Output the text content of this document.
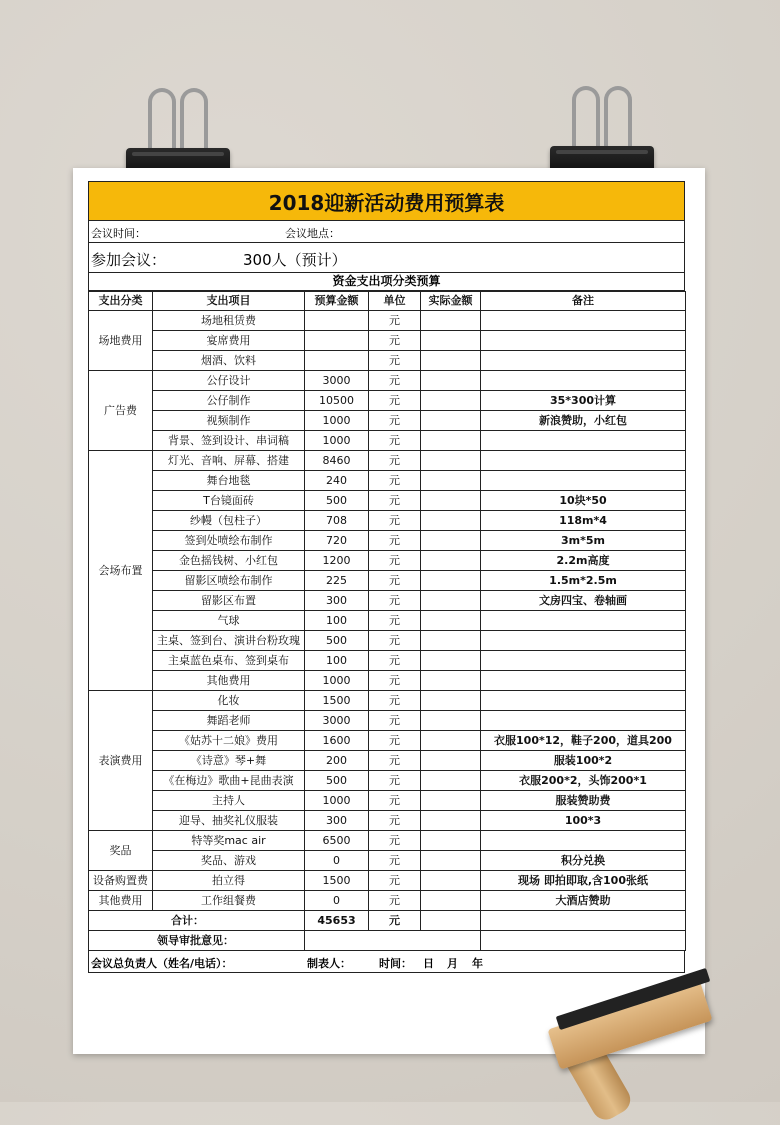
2018迎新活动费用预算表
会议时间：	会议地点：
参加会议：	300人（预计）
资金支出项分类预算
支出分类	支出项目	预算金额	单位	实际金额	备注
场地费用	场地租赁费		元		
	宴席费用		元		
	烟酒、饮料		元		
广告费	公仔设计	3000	元		
	公仔制作	10500	元		35*300计算
	视频制作	1000	元		新浪赞助，小红包
	背景、签到设计、串词稿	1000	元		
会场布置	灯光、音响、屏幕、搭建	8460	元		
	舞台地毯	240	元		
	T台镜面砖	500	元		10块*50
	纱幔（包柱子）	708	元		118m*4
	签到处喷绘布制作	720	元		3m*5m
	金色摇钱树、小红包	1200	元		2.2m高度
	留影区喷绘布制作	225	元		1.5m*2.5m
	留影区布置	300	元		文房四宝、卷轴画
	气球	100	元		
	主桌、签到台、演讲台粉玫瑰	500	元		
	主桌蓝色桌布、签到桌布	100	元		
	其他费用	1000	元		
表演费用	化妆	1500	元		
	舞蹈老师	3000	元		
	《姑苏十二娘》费用	1600	元		衣服100*12，鞋子200，道具200
	《诗意》琴+舞	200	元		服装100*2
	《在梅边》歌曲+昆曲表演	500	元		衣服200*2，头饰200*1
	主持人	1000	元		服装赞助费
	迎导、抽奖礼仪服装	300	元		100*3
奖品	特等奖mac air	6500	元		
	奖品、游戏	0	元		积分兑换
设备购置费	拍立得	1500	元		现场 即拍即取,含100张纸
其他费用	工作组餐费	0	元		大酒店赞助
合计：		45653	元		
领导审批意见：					
会议总负责人（姓名/电话）：	制表人：	时间： 日 月 年
